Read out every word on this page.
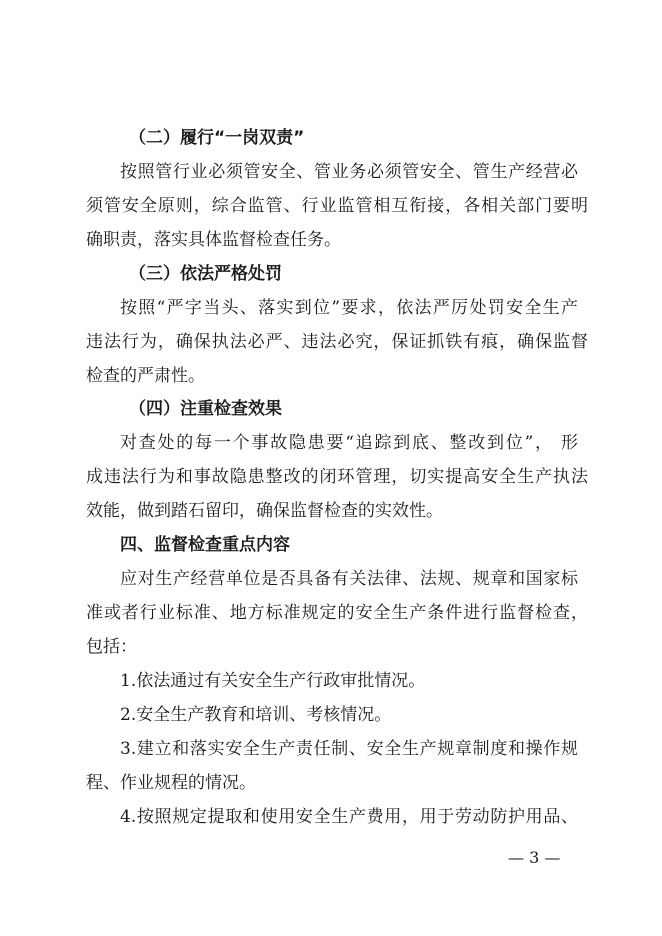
（二）履行“一岗双责”
按照管行业必须管安全、管业务必须管安全、管生产经营必
须管安全原则，综合监管、行业监管相互衔接，各相关部门要明
确职责，落实具体监督检查任务。
（三）依法严格处罚
按照“严字当头、落实到位”要求，依法严厉处罚安全生产
违法行为，确保执法必严、违法必究，保证抓铁有痕，确保监督
检查的严肃性。
（四）注重检查效果
对查处的每一个事故隐患要“追踪到底、整改到位”， 形
成违法行为和事故隐患整改的闭环管理，切实提高安全生产执法
效能，做到踏石留印，确保监督检查的实效性。
四、监督检查重点内容
应对生产经营单位是否具备有关法律、法规、规章和国家标
准或者行业标准、地方标准规定的安全生产条件进行监督检查，
包括：
1.依法通过有关安全生产行政审批情况。
2.安全生产教育和培训、考核情况。
3.建立和落实安全生产责任制、安全生产规章制度和操作规
程、作业规程的情况。
4.按照规定提取和使用安全生产费用，用于劳动防护用品、
— 3 —
